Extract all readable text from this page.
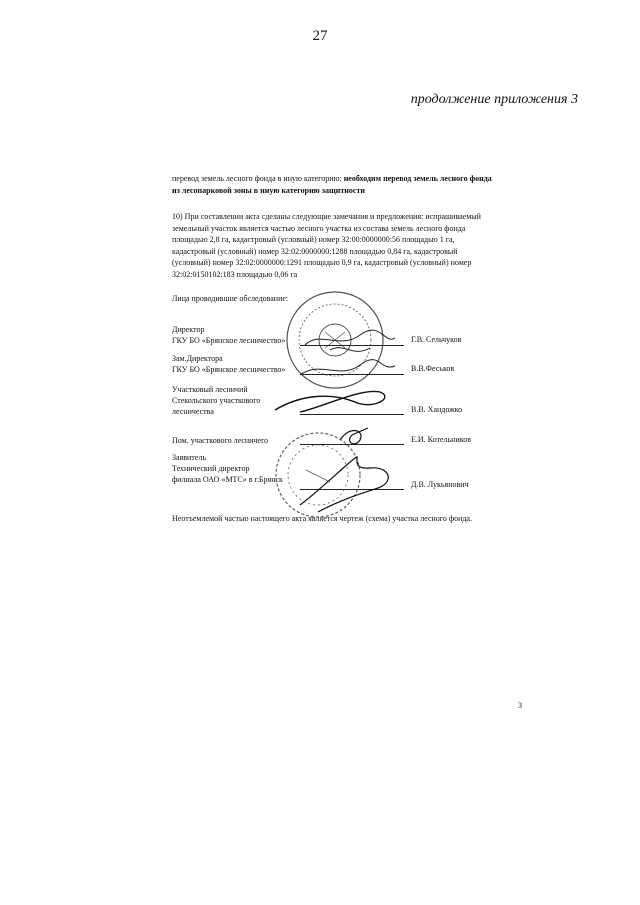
27
продолжение приложения 3
перевод земель лесного фонда в иную категорию: необходим перевод земель лесного фонда
из лесопарковой зоны в иную категорию защитности
10) При составлении акта сделаны следующие замечания и предложения: испрашиваемый
земельный участок является частью лесного участка из состава земель лесного фонда
площадью 2,8 га, кадастровый (условный) номер 32:00:0000000:56 площадью 1 га,
кадастровый (условный) номер 32:02:0000000:1288 площадью 0,84 га, кадастровый
(условный) номер 32:02:0000000:1291 площадью 0,9 га, кадастровый (условный) номер
32:02:0150102:183 площадью 0,06 га
Лица проводившие обследование:
Директор
ГКУ БО «Брянское лесничество»	Г.В. Сельчуков
Зам.Директора
ГКУ БО «Брянское лесничество»	В.В.Феськов
Участковый лесничий
Стекольского участкового
лесничества	В.В. Хандожко
Пом. участкового лесничего	Е.И. Котельников
Заявитель
Технический директор
филиала ОАО «МТС» в г.Брянск
Д.В. Лукьянович
Неотъемлемой частью настоящего акта является чертеж (схема) участка лесного фонда.
3
